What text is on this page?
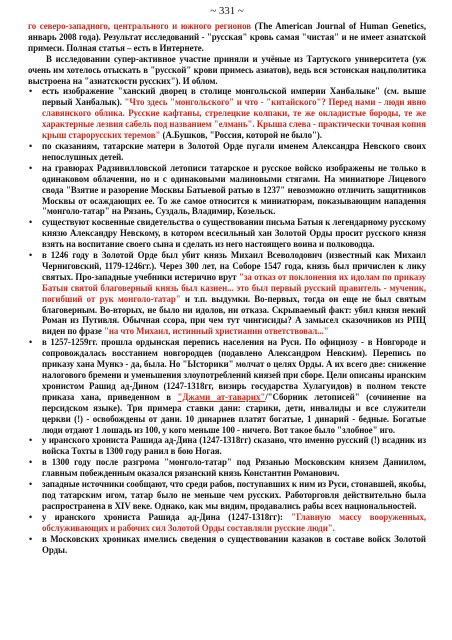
~ 331 ~

го северо-западного, центрального и южного регионов (The American Journal of Human Genetics, январь 2008 года). Результат исследований - "русская" кровь самая "чистая" и не имеет азиатской примеси. Полная статья – есть в Интернете.

В исследовании супер-активное участие приняли и учёные из Тартуского университета (уж очень им хотелось отыскать в "русской" крови примесь азиатов), ведь вся эстонская нац.политика выстроена на "азиатскости русских"). И облом.

• есть изображение "ханский дворец в столице монгольской империи Ханбалыке" (см. выше первый Ханбалык). "Что здесь "монгольского" и что - "китайского"? Перед нами - люди явно славянского облика. Русские кафтаны, стрелецкие колпаки, те же окладистые бороды, те же характерные лезвия сабель под названием "елмань". Крыша слева - практически точная копия крыш старорусских теремов" (А.Бушков, "Россия, которой не было").
• по сказаниям, татарские матери в Золотой Орде пугали именем Александра Невского своих непослушных детей.
• на гравюрах Радзивилловской летописи татарское и русское войско изображены не только в одинаковом облачении, но и с одинаковыми малиновыми стягами. На миниатюре Лицевого свода "Взятие и разорение Москвы Батыевой ратью в 1237" невозможно отличить защитников Москвы от осаждающих ее. То же самое относится к миниатюрам, показывающим нападения "монголо-татар" на Рязань, Суздаль, Владимир, Козельск.
• существуют косвенные свидетельства о существовании письма Батыя к легендарному русскому князю Александру Невскому, в котором всесильный хан Золотой Орды просит русского князя взять на воспитание своего сына и сделать из него настоящего воина и полководца.
• в 1246 году в Золотой Орде был убит князь Михаил Всеволодович (известный как Михаил Черниговский, 1179-1246гг.). Через 300 лет, на Соборе 1547 года, князь был причислен к лику святых. Про-западные учебники истерично врут "за отказ от поклонения их идолам по приказу Батыя святой благоверный князь был казнен... это был первый русский правитель - мученик, погибший от рук монголо-татар" и т.п. выдумки. Во-первых, тогда он еще не был святым благоверным. Во-вторых, не было ни идолов, ни отказа. Скрываемый факт: убил князя некий Роман из Путивля. Обычная ссора, при чем тут чингисиды? А замысел сказочников из РПЦ виден по фразе "на что Михаил, истинный христианин ответствовал..."
• в 1257-1259гг. прошла ордынская перепись населения на Руси. По официозу - в Новгороде и сопровождалась восстанием новгородцев (подавлено Александром Невским). Перепись по приказу хана Мункэ - да, была. Но "Ысторики" молчат о целях Орды. А их всего две: снижение налогового бремени и уменьшения злоупотреблений князей при сборе. Цели описаны иранским хронистом Рашид ад-Дином (1247-1318гг, визирь государства Хулагуидов) в полном тексте приказа хана, приведенном в "Джами ат-таварих"/"Сборник летописей" (сочинение на персидском языке). Три примера ставки дани: старики, дети, инвалиды и все служители церкви (!) - освобождены от дани. 10 динариев платят богатые, 1 динарий - бедные. Богатые люди отдают 1 лошадь из 100, у кого меньше 100 - ничего. Вот такое было "злобное" иго.
• у иранского хрониста Рашида ад-Дина (1247-1318гг) сказано, что именно русский (!) всадник из войска Тохты в 1300 году ранил в бою Ногая.
• в 1300 году после разгрома "монголо-татар" под Рязанью Московским князем Даниилом, главным побежденным оказался рязанский князь Константин Романович.
• западные источники сообщают, что среди рабов, поступавших к ним из Руси, стонавшей, якобы, под татарским игом, татар было не меньше чем русских. Работорговля действительно была распространена в XIV веке. Однако, как мы видим, продавались рабы всех национальностей.
• у иранского хрониста Рашида ад-Дина (1247-1318гг): "Главную массу вооруженных, обслуживающих и рабочих сил Золотой Орды составляли русские люди".
• в Московских хрониках имелись сведения о существовании казаков в составе войск Золотой Орды.
